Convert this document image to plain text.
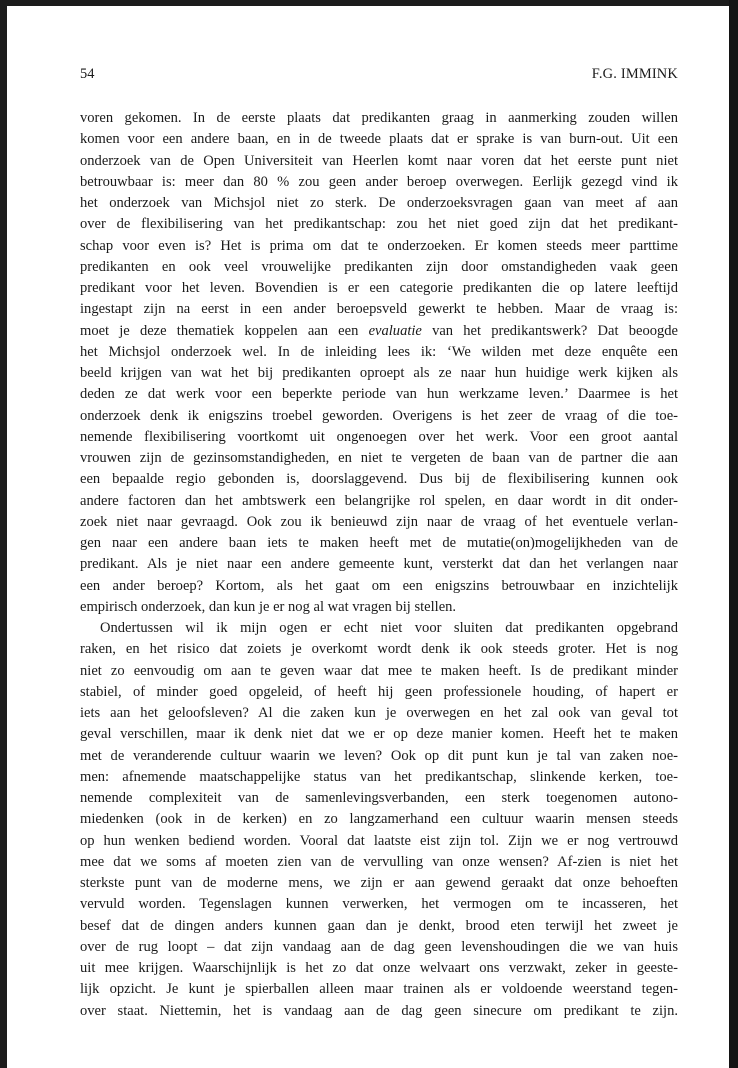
54	F.G. IMMINK
voren gekomen. In de eerste plaats dat predikanten graag in aanmerking zouden willen
komen voor een andere baan, en in de tweede plaats dat er sprake is van burn-out. Uit een
onderzoek van de Open Universiteit van Heerlen komt naar voren dat het eerste punt niet
betrouwbaar is: meer dan 80 % zou geen ander beroep overwegen. Eerlijk gezegd vind ik
het onderzoek van Michsjol niet zo sterk. De onderzoeksvragen gaan van meet af aan
over de flexibilisering van het predikantschap: zou het niet goed zijn dat het predikant-
schap voor even is? Het is prima om dat te onderzoeken. Er komen steeds meer parttime
predikanten en ook veel vrouwelijke predikanten zijn door omstandigheden vaak geen
predikant voor het leven. Bovendien is er een categorie predikanten die op latere leeftijd
ingestapt zijn na eerst in een ander beroepsveld gewerkt te hebben. Maar de vraag is:
moet je deze thematiek koppelen aan een evaluatie van het predikantswerk? Dat beoogde
het Michsjol onderzoek wel. In de inleiding lees ik: ‘We wilden met deze enquête een
beeld krijgen van wat het bij predikanten oproept als ze naar hun huidige werk kijken als
deden ze dat werk voor een beperkte periode van hun werkzame leven.’ Daarmee is het
onderzoek denk ik enigszins troebel geworden. Overigens is het zeer de vraag of die toe-
nemende flexibilisering voortkomt uit ongenoegen over het werk. Voor een groot aantal
vrouwen zijn de gezinsomstandigheden, en niet te vergeten de baan van de partner die aan
een bepaalde regio gebonden is, doorslaggevend. Dus bij de flexibilisering kunnen ook
andere factoren dan het ambtswerk een belangrijke rol spelen, en daar wordt in dit onder-
zoek niet naar gevraagd. Ook zou ik benieuwd zijn naar de vraag of het eventuele verlan-
gen naar een andere baan iets te maken heeft met de mutatie(on)mogelijkheden van de
predikant. Als je niet naar een andere gemeente kunt, versterkt dat dan het verlangen naar
een ander beroep? Kortom, als het gaat om een enigszins betrouwbaar en inzichtelijk
empirisch onderzoek, dan kun je er nog al wat vragen bij stellen.
Ondertussen wil ik mijn ogen er echt niet voor sluiten dat predikanten opgebrand
raken, en het risico dat zoiets je overkomt wordt denk ik ook steeds groter. Het is nog
niet zo eenvoudig om aan te geven waar dat mee te maken heeft. Is de predikant minder
stabiel, of minder goed opgeleid, of heeft hij geen professionele houding, of hapert er
iets aan het geloofsleven? Al die zaken kun je overwegen en het zal ook van geval tot
geval verschillen, maar ik denk niet dat we er op deze manier komen. Heeft het te maken
met de veranderende cultuur waarin we leven? Ook op dit punt kun je tal van zaken noe-
men: afnemende maatschappelijke status van het predikantschap, slinkende kerken, toe-
nemende complexiteit van de samenlevingsverbanden, een sterk toegenomen autono-
miedenken (ook in de kerken) en zo langzamerhand een cultuur waarin mensen steeds
op hun wenken bediend worden. Vooral dat laatste eist zijn tol. Zijn we er nog vertrouwd
mee dat we soms af moeten zien van de vervulling van onze wensen? Af-zien is niet het
sterkste punt van de moderne mens, we zijn er aan gewend geraakt dat onze behoeften
vervuld worden. Tegenslagen kunnen verwerken, het vermogen om te incasseren, het
besef dat de dingen anders kunnen gaan dan je denkt, brood eten terwijl het zweet je
over de rug loopt – dat zijn vandaag aan de dag geen levenshoudingen die we van huis
uit mee krijgen. Waarschijnlijk is het zo dat onze welvaart ons verzwakt, zeker in geeste-
lijk opzicht. Je kunt je spierballen alleen maar trainen als er voldoende weerstand tegen-
over staat. Niettemin, het is vandaag aan de dag geen sinecure om predikant te zijn.
